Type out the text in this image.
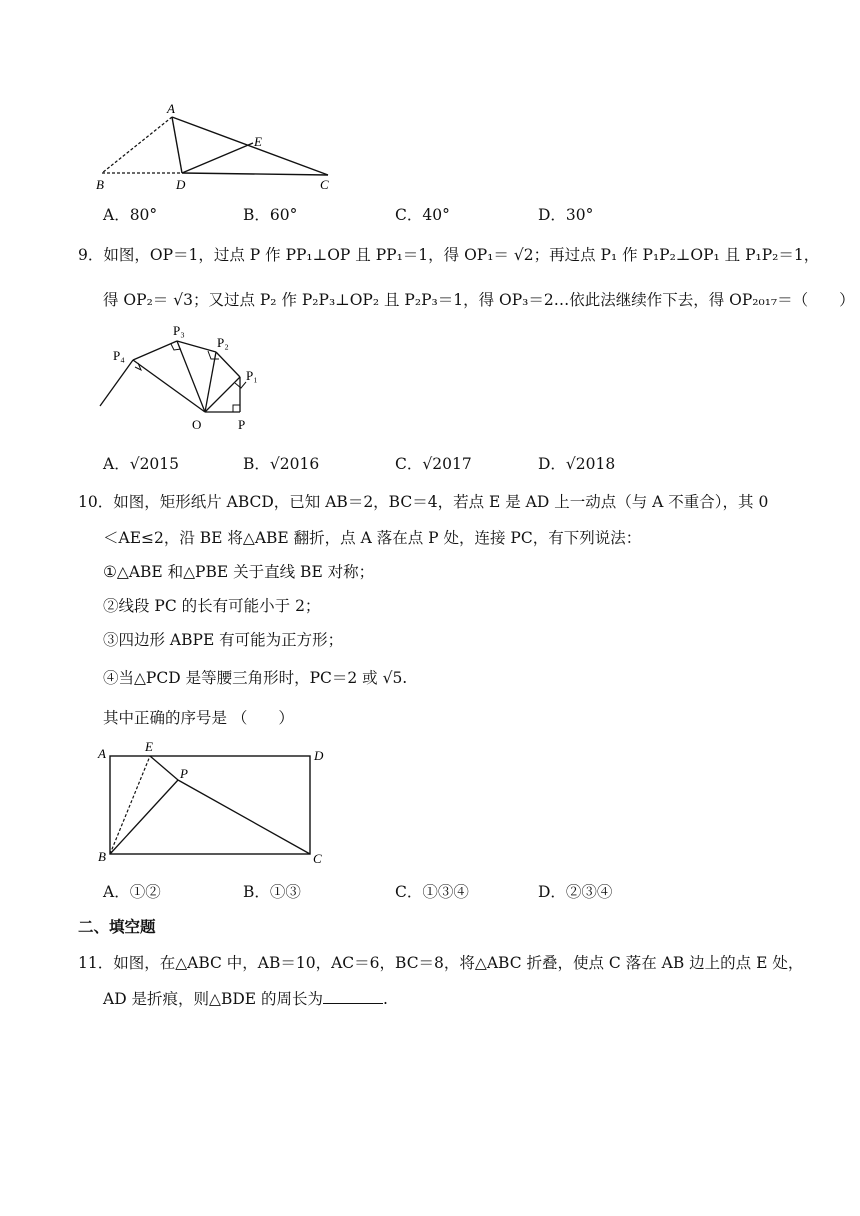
A
E
B	D	C
A．80°	B．60°	C．40°	D．30°
9．如图，OP＝1，过点 P 作 PP₁⊥OP 且 PP₁＝1，得 OP₁＝ √2；再过点 P₁ 作 P₁P₂⊥OP₁ 且 P₁P₂＝1，
得 OP₂＝ √3；又过点 P₂ 作 P₂P₃⊥OP₂ 且 P₂P₃＝1，得 OP₃＝2…依此法继续作下去，得 OP₂₀₁₇＝（　　）
P₄
P₃
P₂
P₁
O	P
A．√2015	B．√2016	C．√2017	D．√2018
10．如图，矩形纸片 ABCD，已知 AB＝2，BC＝4，若点 E 是 AD 上一动点（与 A 不重合），其 0
＜AE≤2，沿 BE 将△ABE 翻折，点 A 落在点 P 处，连接 PC，有下列说法：
①△ABE 和△PBE 关于直线 BE 对称；
②线段 PC 的长有可能小于 2；
③四边形 ABPE 有可能为正方形；
④当△PCD 是等腰三角形时，PC＝2 或 √5.
其中正确的序号是 （　　）
A	E
P
D
B	C
A．①②	B．①③	C．①③④	D．②③④
二、填空题
11．如图，在△ABC 中，AB＝10，AC＝6，BC＝8，将△ABC 折叠，使点 C 落在 AB 边上的点 E 处，
AD 是折痕，则△BDE 的周长为	.
